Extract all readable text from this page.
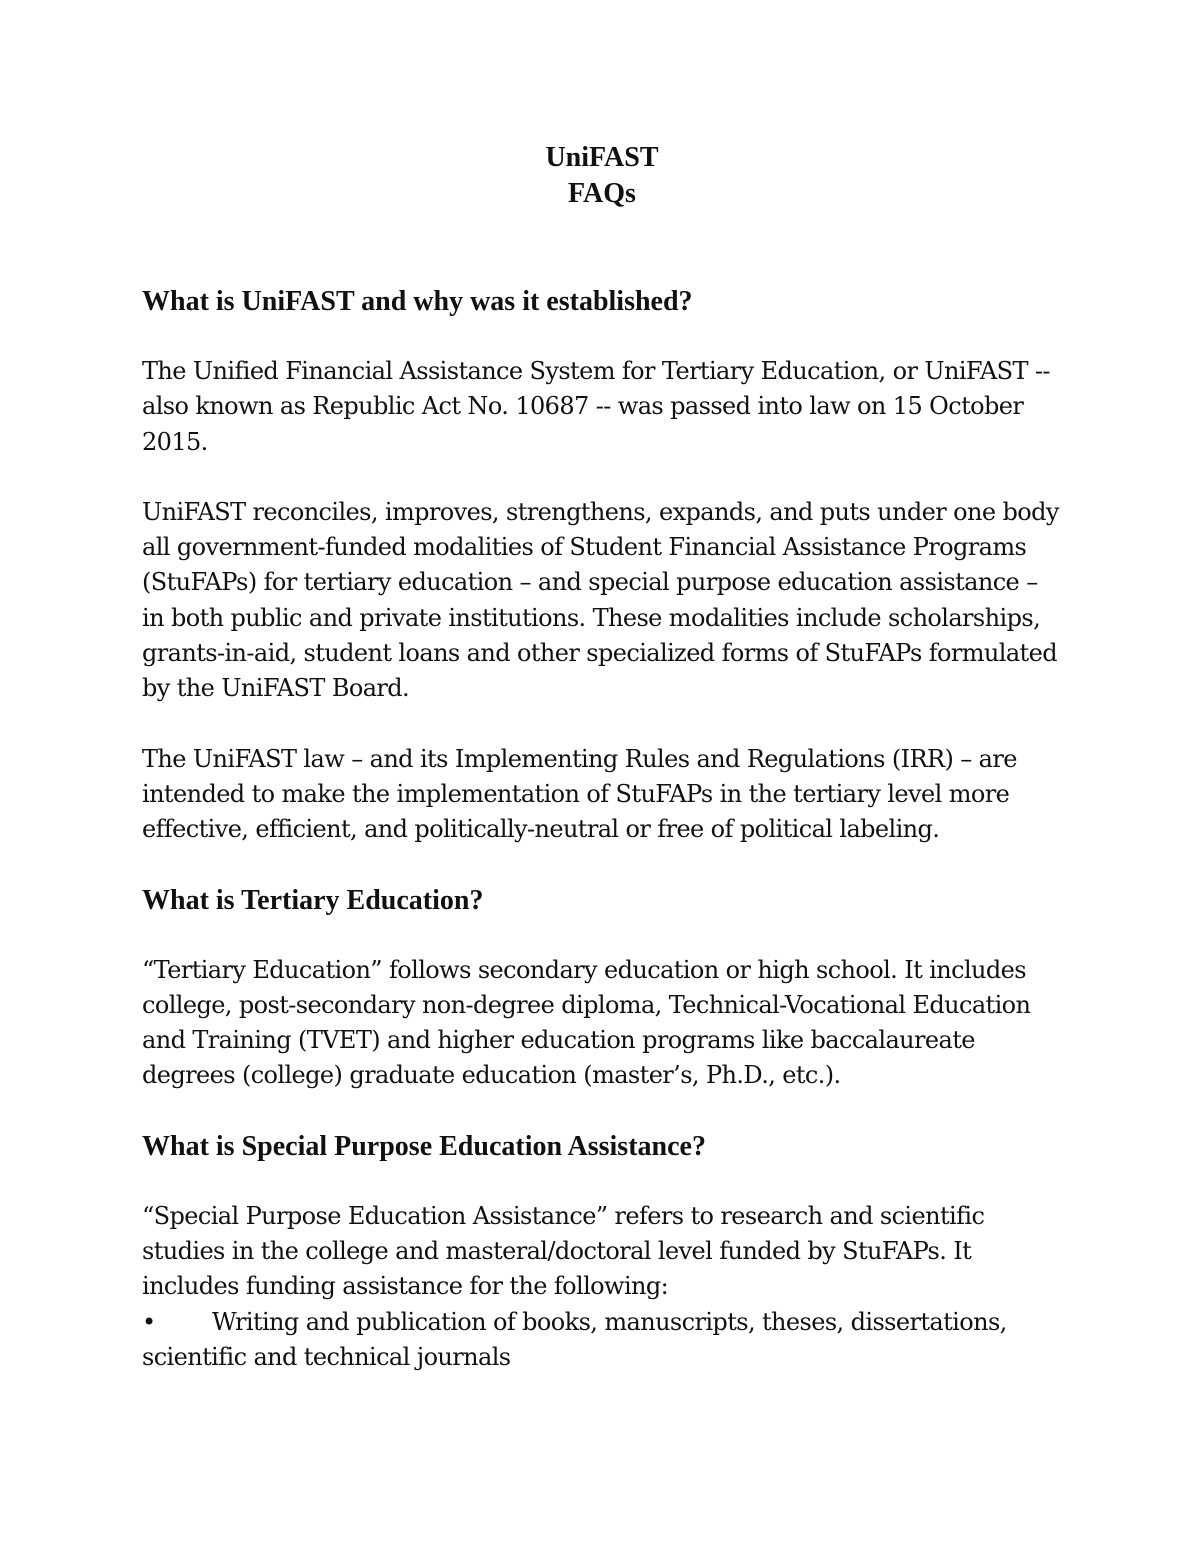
UniFAST

FAQs

What is UniFAST and why was it established?

The Unified Financial Assistance System for Tertiary Education, or UniFAST -- also known as Republic Act No. 10687 -- was passed into law on 15 October 2015.

UniFAST reconciles, improves, strengthens, expands, and puts under one body all government-funded modalities of Student Financial Assistance Programs (StuFAPs) for tertiary education – and special purpose education assistance – in both public and private institutions. These modalities include scholarships, grants-in-aid, student loans and other specialized forms of StuFAPs formulated by the UniFAST Board.

The UniFAST law – and its Implementing Rules and Regulations (IRR) – are intended to make the implementation of StuFAPs in the tertiary level more effective, efficient, and politically-neutral or free of political labeling.

What is Tertiary Education?

“Tertiary Education” follows secondary education or high school. It includes college, post-secondary non-degree diploma, Technical-Vocational Education and Training (TVET) and higher education programs like baccalaureate degrees (college) graduate education (master’s, Ph.D., etc.).

What is Special Purpose Education Assistance?

“Special Purpose Education Assistance” refers to research and scientific studies in the college and masteral/doctoral level funded by StuFAPs. It includes funding assistance for the following:

• Writing and publication of books, manuscripts, theses, dissertations, scientific and technical journals
